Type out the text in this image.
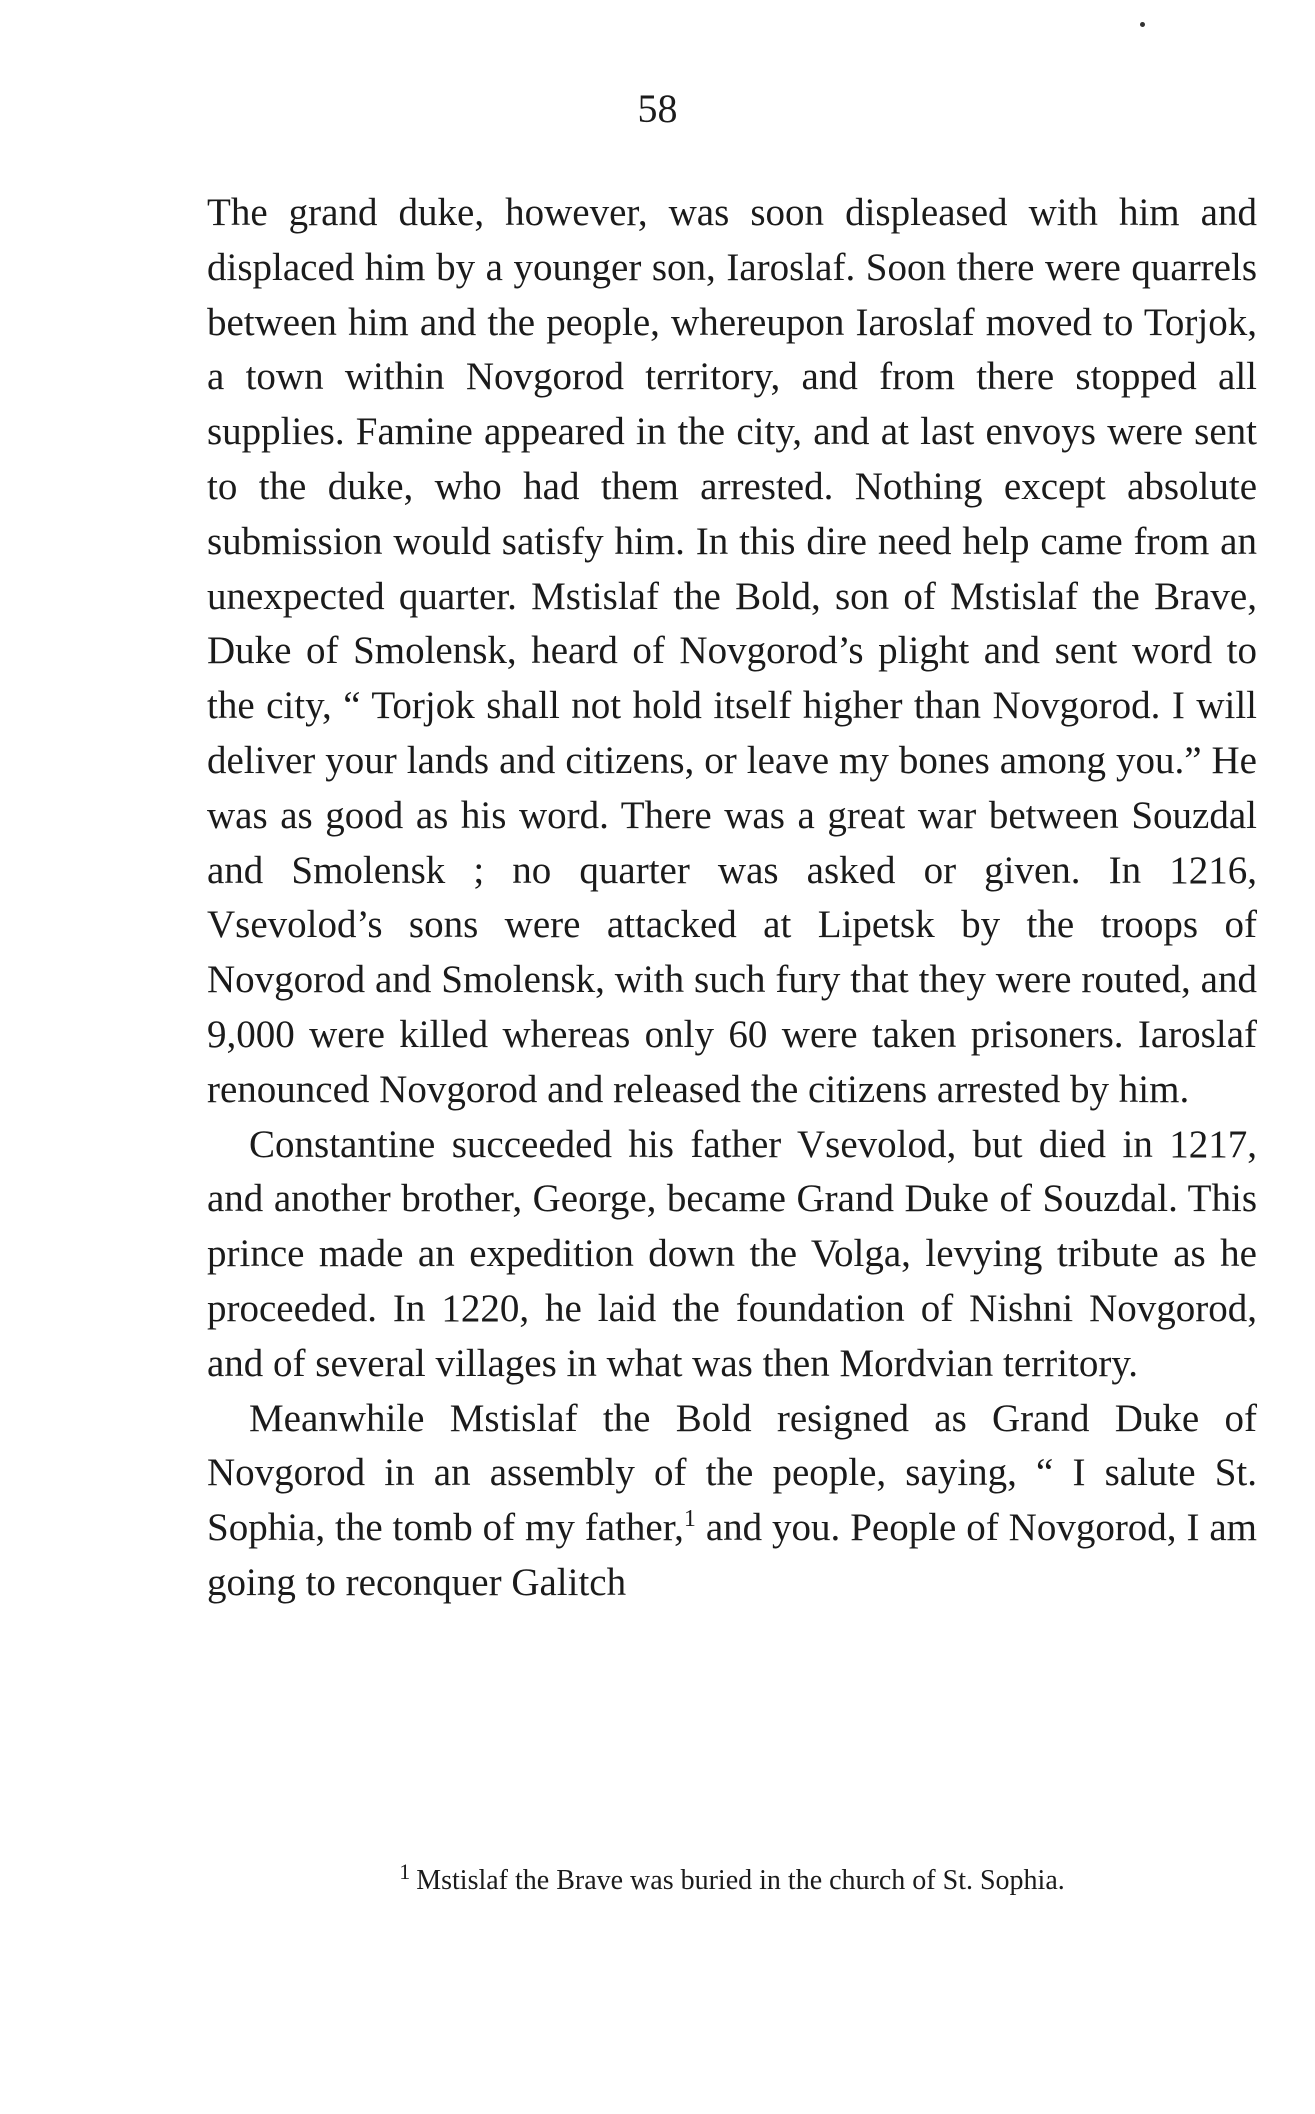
58

The grand duke, however, was soon displeased with him and displaced him by a younger son, Iaroslaf. Soon there were quarrels between him and the people, whereupon Iaroslaf moved to Torjok, a town within Novgorod territory, and from there stopped all supplies. Famine appeared in the city, and at last envoys were sent to the duke, who had them arrested. Nothing except absolute submission would satisfy him. In this dire need help came from an unexpected quarter. Mstislaf the Bold, son of Mstislaf the Brave, Duke of Smolensk, heard of Novgorod’s plight and sent word to the city, “ Torjok shall not hold itself higher than Novgorod. I will deliver your lands and citizens, or leave my bones among you.” He was as good as his word. There was a great war between Souzdal and Smolensk ; no quarter was asked or given. In 1216, Vsevolod’s sons were attacked at Lipetsk by the troops of Novgorod and Smolensk, with such fury that they were routed, and 9,000 were killed whereas only 60 were taken prisoners. Iaroslaf renounced Novgorod and released the citizens arrested by him.

Constantine succeeded his father Vsevolod, but died in 1217, and another brother, George, became Grand Duke of Souzdal. This prince made an expedition down the Volga, levying tribute as he proceeded. In 1220, he laid the foundation of Nishni Novgorod, and of several villages in what was then Mordvian territory.

Meanwhile Mstislaf the Bold resigned as Grand Duke of Novgorod in an assembly of the people, saying, “ I salute St. Sophia, the tomb of my father,$^1$ and you. People of Novgorod, I am going to reconquer Galitch

$^1$ Mstislaf the Brave was buried in the church of St. Sophia.
